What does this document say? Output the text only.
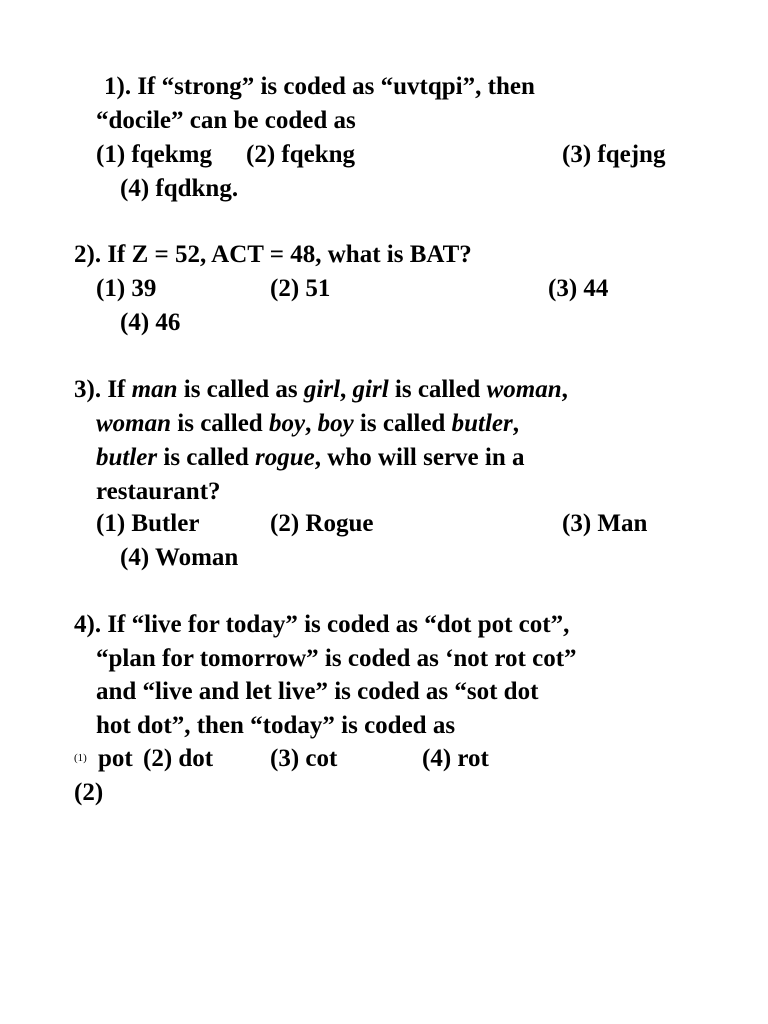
1). If “strong” is coded as “uvtqpi”, then
“docile” can be coded as
(1) fqekmg (2) fqekng	(3) fqejng
(4) fqdkng.
2). If Z = 52, ACT = 48, what is BAT?
(1) 39	(2) 51	(3) 44
(4) 46
3). If man is called as girl, girl is called woman,
woman is called boy, boy is called butler,
butler is called rogue, who will serve in a
restaurant?
(1) Butler	(2) Rogue	(3) Man
(4) Woman
4). If “live for today” is coded as “dot pot cot”,
“plan for tomorrow” is coded as ‘not rot cot”
and “live and let live” is coded as “sot dot
hot dot”, then “today” is coded as
(1) pot (2) dot (3) cot	(4) rot
(2)
